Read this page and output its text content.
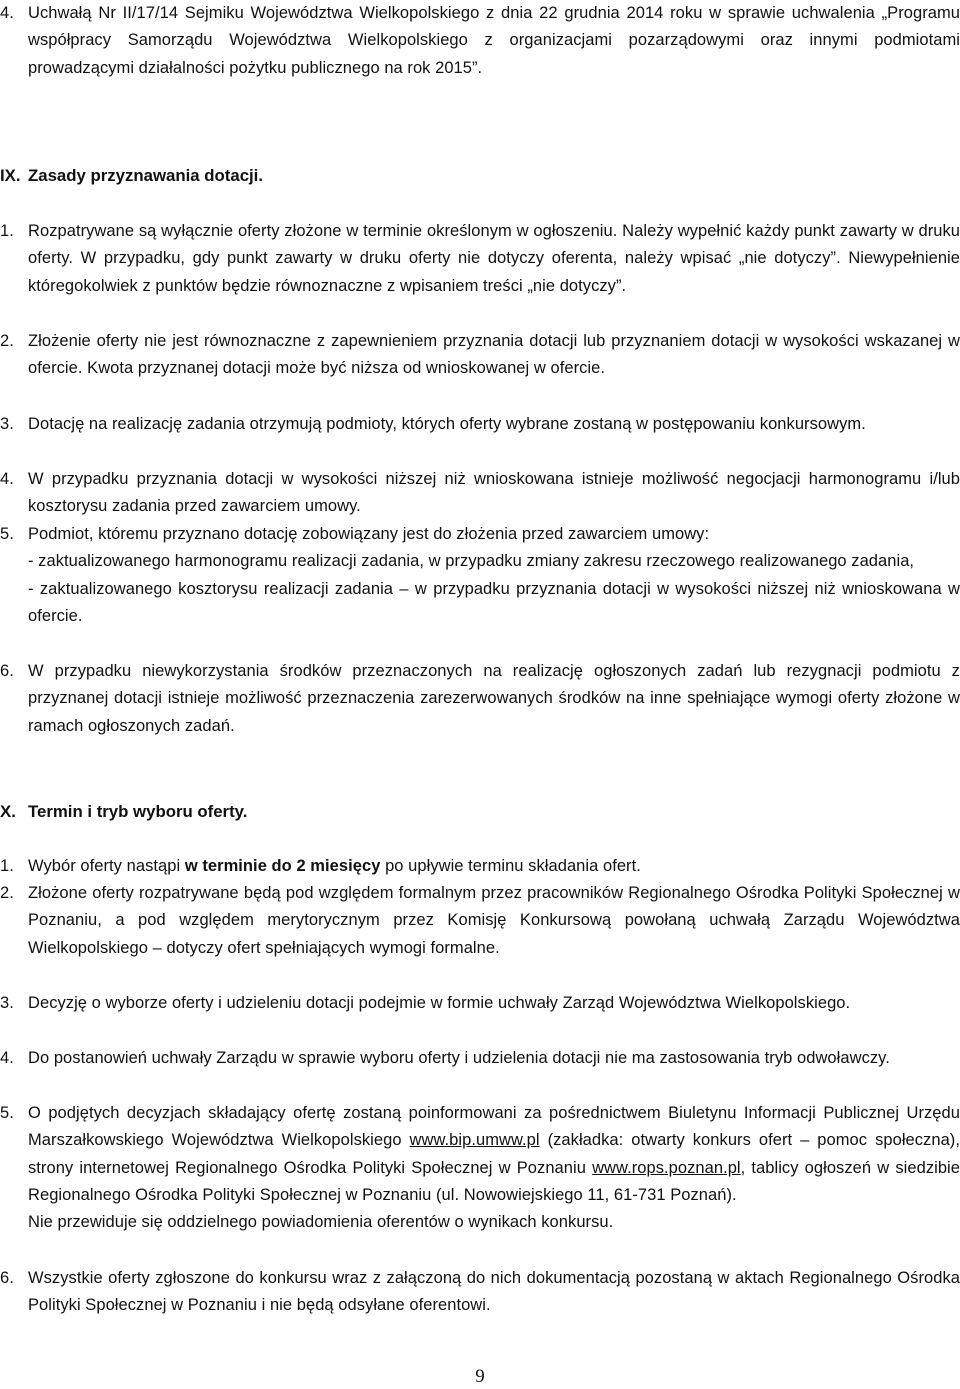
4. Uchwałą Nr II/17/14 Sejmiku Województwa Wielkopolskiego z dnia 22 grudnia 2014 roku w sprawie uchwalenia „Programu współpracy Samorządu Województwa Wielkopolskiego z organizacjami pozarządowymi oraz innymi podmiotami prowadzącymi działalności pożytku publicznego na rok 2015”.

IX. Zasady przyznawania dotacji.

1. Rozpatrywane są wyłącznie oferty złożone w terminie określonym w ogłoszeniu. Należy wypełnić każdy punkt zawarty w druku oferty. W przypadku, gdy punkt zawarty w druku oferty nie dotyczy oferenta, należy wpisać „nie dotyczy”. Niewypełnienie któregokolwiek z punktów będzie równoznaczne z wpisaniem treści „nie dotyczy”.

2. Złożenie oferty nie jest równoznaczne z zapewnieniem przyznania dotacji lub przyznaniem dotacji w wysokości wskazanej w ofercie. Kwota przyznanej dotacji może być niższa od wnioskowanej w ofercie.

3. Dotację na realizację zadania otrzymują podmioty, których oferty wybrane zostaną w postępowaniu konkursowym.

4. W przypadku przyznania dotacji w wysokości niższej niż wnioskowana istnieje możliwość negocjacji harmonogramu i/lub kosztorysu zadania przed zawarciem umowy.

5. Podmiot, któremu przyznano dotację zobowiązany jest do złożenia przed zawarciem umowy:
- zaktualizowanego harmonogramu realizacji zadania, w przypadku zmiany zakresu rzeczowego realizowanego zadania,
- zaktualizowanego kosztorysu realizacji zadania – w przypadku przyznania dotacji w wysokości niższej niż wnioskowana w ofercie.

6. W przypadku niewykorzystania środków przeznaczonych na realizację ogłoszonych zadań lub rezygnacji podmiotu z przyznanej dotacji istnieje możliwość przeznaczenia zarezerwowanych środków na inne spełniające wymogi oferty złożone w ramach ogłoszonych zadań.

X. Termin i tryb wyboru oferty.

1. Wybór oferty nastąpi w terminie do 2 miesięcy po upływie terminu składania ofert.

2. Złożone oferty rozpatrywane będą pod względem formalnym przez pracowników Regionalnego Ośrodka Polityki Społecznej w Poznaniu, a pod względem merytorycznym przez Komisję Konkursową powołaną uchwałą Zarządu Województwa Wielkopolskiego – dotyczy ofert spełniających wymogi formalne.

3. Decyzję o wyborze oferty i udzieleniu dotacji podejmie w formie uchwały Zarząd Województwa Wielkopolskiego.

4. Do postanowień uchwały Zarządu w sprawie wyboru oferty i udzielenia dotacji nie ma zastosowania tryb odwoławczy.

5. O podjętych decyzjach składający ofertę zostaną poinformowani za pośrednictwem Biuletynu Informacji Publicznej Urzędu Marszałkowskiego Województwa Wielkopolskiego www.bip.umww.pl (zakładka: otwarty konkurs ofert – pomoc społeczna), strony internetowej Regionalnego Ośrodka Polityki Społecznej w Poznaniu www.rops.poznan.pl, tablicy ogłoszeń w siedzibie Regionalnego Ośrodka Polityki Społecznej w Poznaniu (ul. Nowowiejskiego 11, 61-731 Poznań).
Nie przewiduje się oddzielnego powiadomienia oferentów o wynikach konkursu.

6. Wszystkie oferty zgłoszone do konkursu wraz z załączoną do nich dokumentacją pozostaną w aktach Regionalnego Ośrodka Polityki Społecznej w Poznaniu i nie będą odsyłane oferentowi.

9
